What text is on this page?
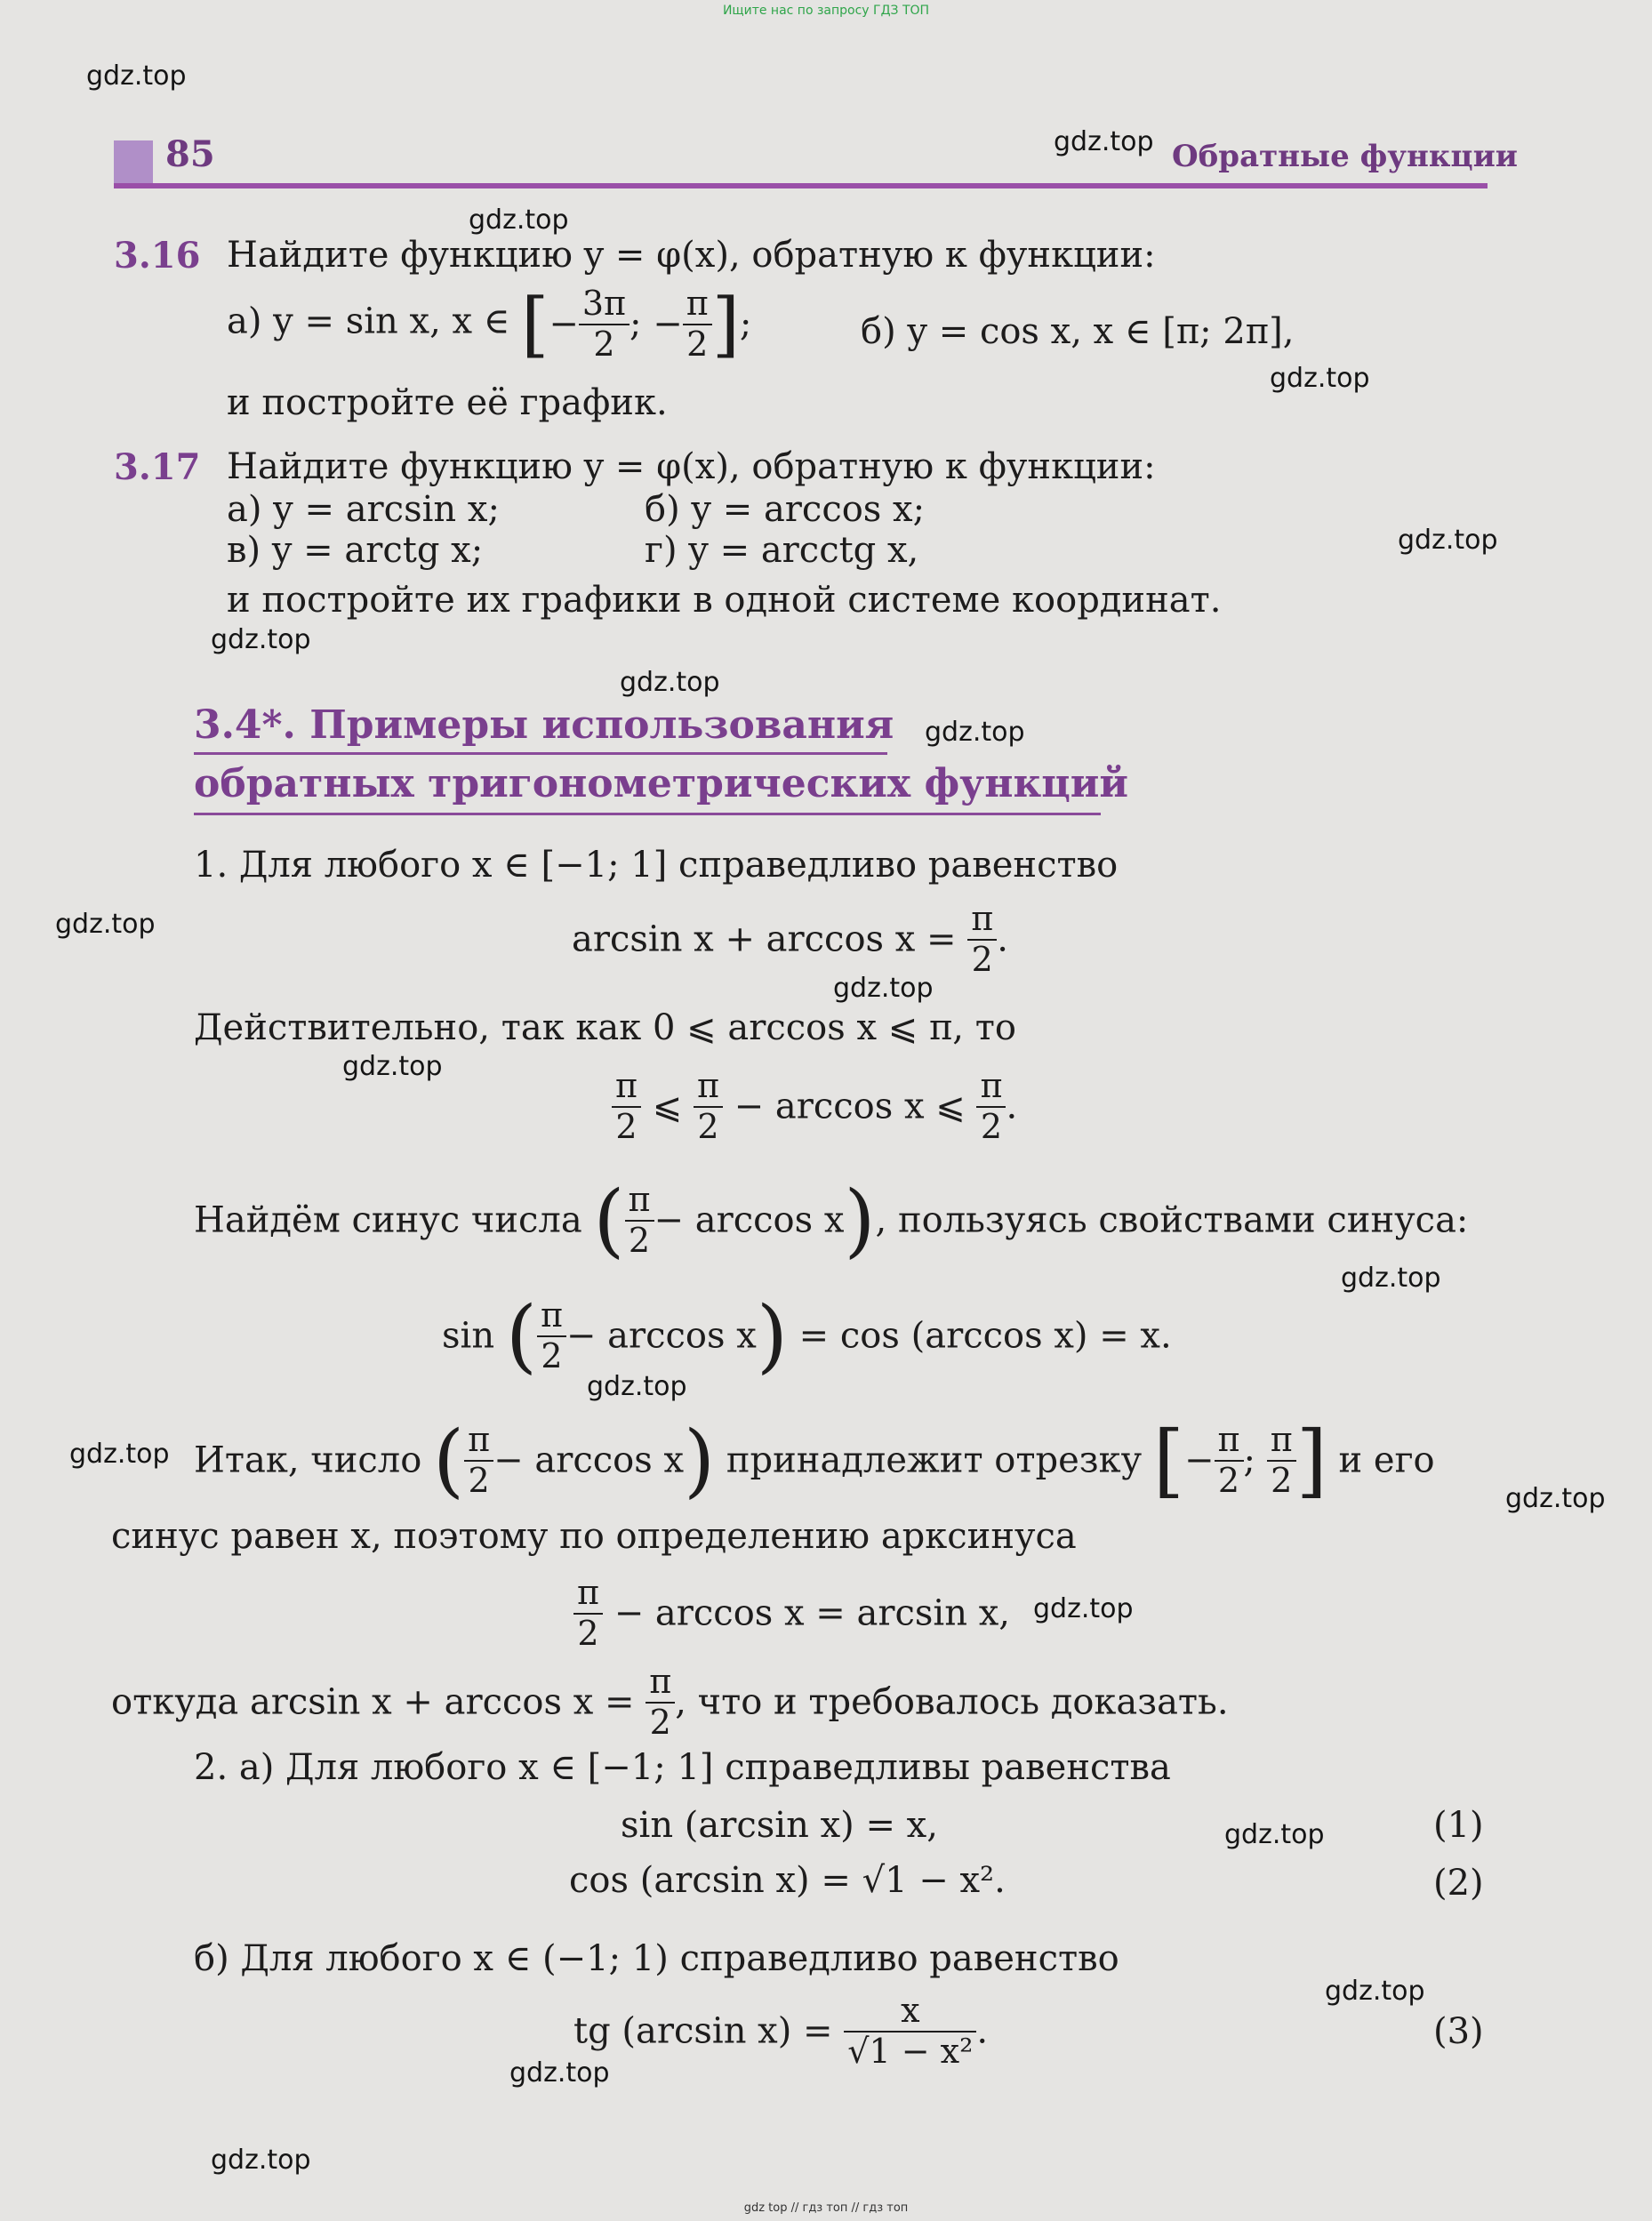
Ищите нас по запросу ГДЗ ТОП
gdz.top
gdz.top
gdz.top
gdz.top
gdz.top
gdz.top
gdz.top
gdz.top
gdz.top
gdz.top
gdz.top
gdz.top
gdz.top
gdz.top
gdz.top
gdz.top
gdz.top
gdz.top
gdz.top
gdz.top
85	Обратные функции
3.16 Найдите функцию y = φ(x), обратную к функции:
а) y = sin x, x ∈ [− $\frac{3\pi}{2}$ ; − $\frac{\pi}{2}$ ];	б) y = cos x, x ∈ [π; 2π],
и постройте её график.
3.17 Найдите функцию y = φ(x), обратную к функции:
а) y = arcsin x;	б) y = arccos x;
в) y = arctg x;	г) y = arcctg x,
и постройте их графики в одной системе координат.
3.4*. Примеры использования
обратных тригонометрических функций
1. Для любого x ∈ [−1; 1] справедливо равенство
$\arcsin x + \arccos x = \frac{\pi}{2}$ .
Действительно, так как 0 ⩽ arccos x ⩽ π, то
$\frac{\pi}{2}$ ⩽ $\frac{\pi}{2} - \arccos x$ ⩽ $\frac{\pi}{2}$ .
Найдём синус числа ( $\frac{\pi}{2} - \arccos x$), пользуясь свойствами синуса:
sin ( $\frac{\pi}{2} - \arccos x) = \cos (\arccos$ x) = x.
Итак, число ( $\frac{\pi}{2} - \arccos x$) принадлежит отрезку [− $\frac{\pi}{2}$ ; $\frac{\pi}{2}$ ] и его
синус равен x, поэтому по определению арксинуса
$\frac{\pi}{2} - \arccos x = \arcsin x$,
откуда $\arcsin x + \arccos x = \frac{\pi}{2}$ , что и требовалось доказать.
2. а) Для любого x ∈ [−1; 1] справедливы равенства
sin (arcsin x) = x,	(1)
cos (arcsin x) = √1 − x².	(2)
б) Для любого x ∈ (−1; 1) справедливо равенство
tg (arcsin $x) = \frac{x}{\text{√1 − x²}}$ .	(3)
gdz top // гдз топ // гдз топ
